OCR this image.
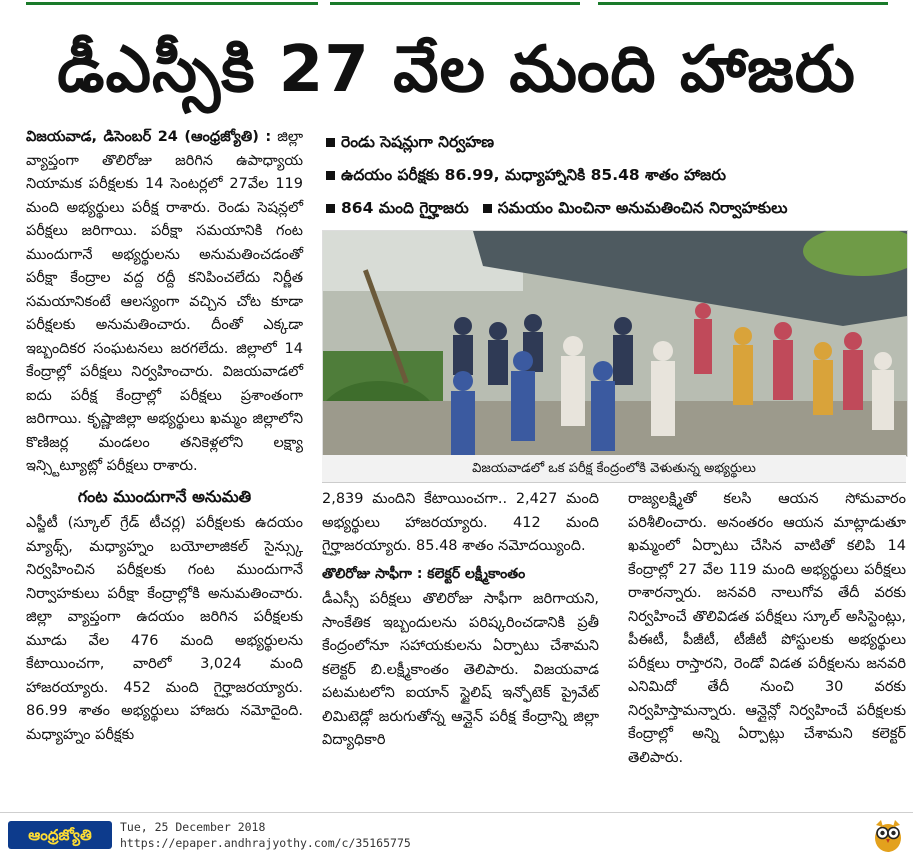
డీఎస్సీకి 27 వేల మంది హాజరు

విజయవాడ, డిసెంబర్ 24 (ఆంధ్రజ్యోతి) : జిల్లా వ్యాప్తంగా తొలిరోజు జరిగిన ఉపాధ్యాయ నియామక పరీక్షలకు 14 సెంటర్లలో 27వేల 119 మంది అభ్యర్థులు పరీక్ష రాశారు. రెండు సెషన్లలో పరీక్షలు జరిగాయి. పరీక్షా సమయానికి గంట ముందుగానే అభ్యర్థులను అనుమతించడంతో పరీక్షా కేంద్రాల వద్ద రద్దీ కనిపించలేదు నిర్ణీత సమయానికంటే ఆలస్యంగా వచ్చిన చోట కూడా పరీక్షలకు అనుమతించారు. దీంతో ఎక్కడా ఇబ్బందికర సంఘటనలు జరగలేదు. జిల్లాలో 14 కేంద్రాల్లో పరీక్షలు నిర్వహించారు. విజయవాడలో ఐదు పరీక్ష కేంద్రాల్లో పరీక్షలు ప్రశాంతంగా జరిగాయి. కృష్ణాజిల్లా అభ్యర్థులు ఖమ్మం జిల్లాలోని కొణిజర్ల మండలం తనికెళ్లలోని లక్ష్యా ఇన్స్టిట్యూట్లో పరీక్షలు రాశారు.

గంట ముందుగానే అనుమతి

ఎస్జీటీ (స్కూల్ గ్రేడ్ టీచర్ల) పరీక్షలకు ఉదయం మ్యాథ్స్, మధ్యాహ్నం బయోలాజికల్ సైన్స్కు నిర్వహించిన పరీక్షలకు గంట ముందుగానే నిర్వాహకులు పరీక్షా కేంద్రాల్లోకి అనుమతించారు. జిల్లా వ్యాప్తంగా ఉదయం జరిగిన పరీక్షలకు మూడు వేల 476 మంది అభ్యర్థులను కేటాయించగా, వారిలో 3,024 మంది హాజరయ్యారు. 452 మంది గైర్హాజరయ్యారు. 86.99 శాతం అభ్యర్థులు హాజరు నమోదైంది. మధ్యాహ్నం పరీక్షకు

రెండు సెషన్లుగా నిర్వహణ
ఉదయం పరీక్షకు 86.99, మధ్యాహ్నానికి 85.48 శాతం హాజరు
864 మంది గైర్హాజరు సమయం మించినా అనుమతించిన నిర్వాహకులు
విజయవాడలో ఒక పరీక్ష కేంద్రంలోకి వెళుతున్న అభ్యర్థులు

2,839 మందిని కేటాయించగా.. 2,427 మంది అభ్యర్థులు హాజరయ్యారు. 412 మంది గైర్హాజరయ్యారు. 85.48 శాతం నమోదయ్యింది.

తొలిరోజు సాఫీగా : కలెక్టర్ లక్ష్మీకాంతం

డీఎస్సీ పరీక్షలు తొలిరోజు సాఫీగా జరిగాయని, సాంకేతిక ఇబ్బందులను పరిష్కరించడానికి ప్రతీ కేంద్రంలోనూ సహాయకులను ఏర్పాటు చేశామని కలెక్టర్ బి.లక్ష్మీకాంతం తెలిపారు. విజయవాడ పటమటలోని ఐయాన్ స్టైలిష్ ఇన్ఫోటెక్ ప్రైవేట్ లిమిటెడ్లో జరుగుతోన్న ఆన్లైన్ పరీక్ష కేంద్రాన్ని జిల్లా విద్యాధికారి

రాజ్యలక్ష్మితో కలసి ఆయన సోమవారం పరిశీలించారు. అనంతరం ఆయన మాట్లాడుతూ ఖమ్మంలో ఏర్పాటు చేసిన వాటితో కలిపి 14 కేంద్రాల్లో 27 వేల 119 మంది అభ్యర్థులు పరీక్షలు రాశారన్నారు. జనవరి నాలుగోవ తేదీ వరకు నిర్వహించే తొలివిడత పరీక్షలు స్కూల్ అసిస్టెంట్లు, పీఈటీ, పీజీటీ, టీజీటీ పోస్టులకు అభ్యర్థులు పరీక్షలు రాస్తారని, రెండో విడత పరీక్షలను జనవరి ఎనిమిదో తేదీ నుంచి 30 వరకు నిర్వహిస్తామన్నారు. ఆన్లైన్లో నిర్వహించే పరీక్షలకు కేంద్రాల్లో అన్ని ఏర్పాట్లు చేశామని కలెక్టర్ తెలిపారు.

ఆంధ్రజ్యోతి	Tue, 25 December 2018
https://epaper.andhrajyothy.com/c/35165775
